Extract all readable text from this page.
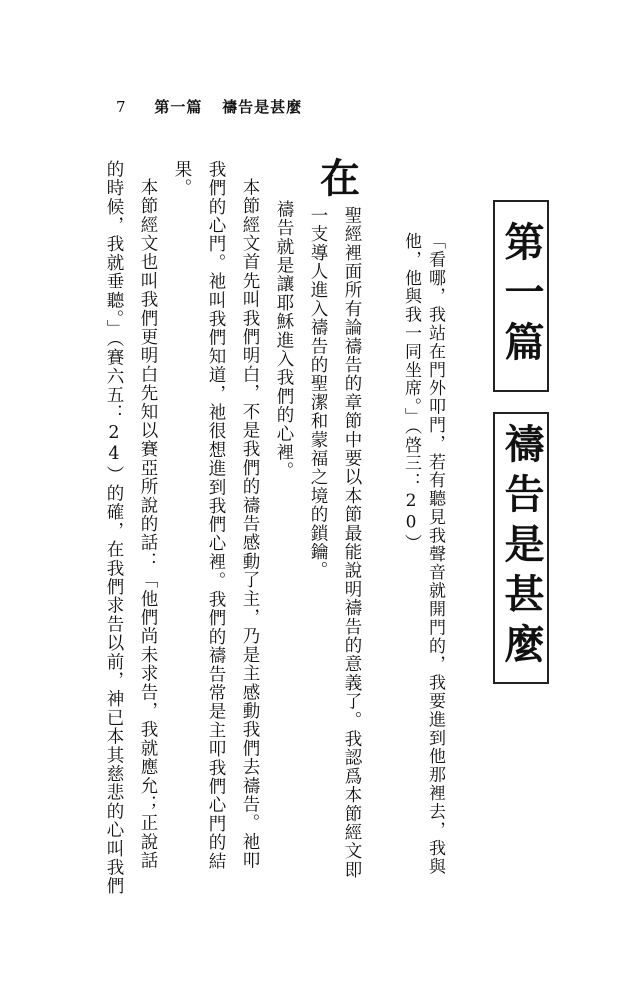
7 第一篇 禱告是甚麼
第一篇
禱告是甚麼
「看哪，我站在門外叩門，若有聽見我聲音就開門的，我要進到他那裡去，我與
他，他與我一同坐席。」（啓三：20）
在
聖經裡面所有論禱告的章節中要以本節最能說明禱告的意義了。我認爲本節經文即
一支導人進入禱告的聖潔和蒙福之境的鎖鑰。
禱告就是讓耶穌進入我們的心裡。
本節經文首先叫我們明白，不是我們的禱告感動了主，乃是主感動我們去禱告。祂叩
我們的心門。祂叫我們知道，祂很想進到我們心裡。我們的禱告常是主叩我們心門的結
果。
本節經文也叫我們更明白先知以賽亞所說的話：「他們尚未求告，我就應允；正說話
的時候，我就垂聽。」（賽六五：24）的確，在我們求告以前，神已本其慈悲的心叫我們
